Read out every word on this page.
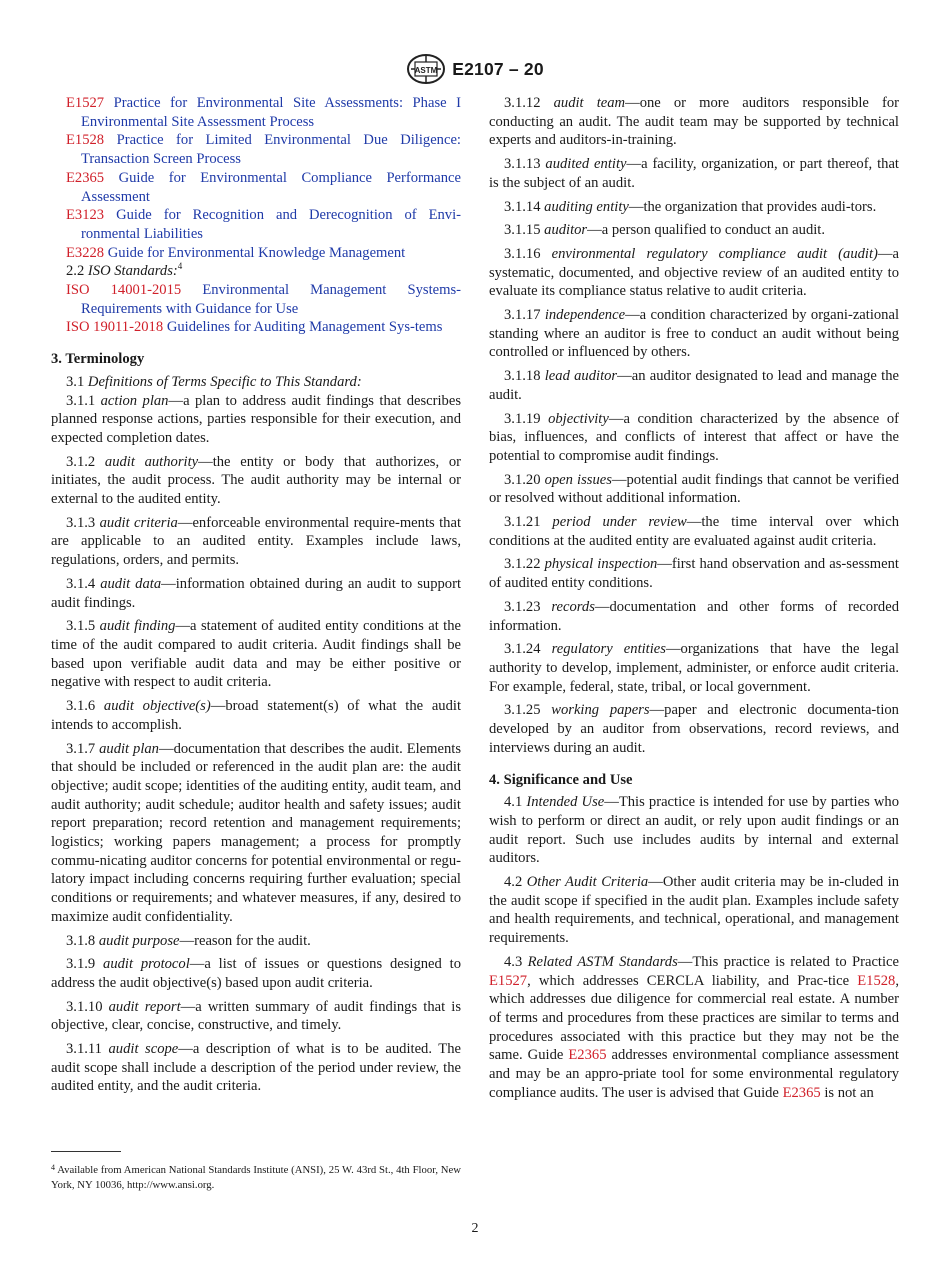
ASTM E2107 – 20

E1527 Practice for Environmental Site Assessments: Phase I Environmental Site Assessment Process

E1528 Practice for Limited Environmental Due Diligence: Transaction Screen Process

E2365 Guide for Environmental Compliance Performance Assessment

E3123 Guide for Recognition and Derecognition of Envi-ronmental Liabilities

E3228 Guide for Environmental Knowledge Management

2.2 ISO Standards:$^4$

ISO 14001-2015 Environmental Management Systems-Requirements with Guidance for Use

ISO 19011-2018 Guidelines for Auditing Management Sys-tems

3. Terminology

3.1 Definitions of Terms Specific to This Standard:

3.1.1 action plan—a plan to address audit findings that describes planned response actions, parties responsible for their execution, and expected completion dates.

3.1.2 audit authority—the entity or body that authorizes, or initiates, the audit process. The audit authority may be internal or external to the audited entity.

3.1.3 audit criteria—enforceable environmental require-ments that are applicable to an audited entity. Examples include laws, regulations, orders, and permits.

3.1.4 audit data—information obtained during an audit to support audit findings.

3.1.5 audit finding—a statement of audited entity conditions at the time of the audit compared to audit criteria. Audit findings shall be based upon verifiable audit data and may be either positive or negative with respect to audit criteria.

3.1.6 audit objective(s)—broad statement(s) of what the audit intends to accomplish.

3.1.7 audit plan—documentation that describes the audit. Elements that should be included or referenced in the audit plan are: the audit objective; audit scope; identities of the auditing entity, audit team, and audit authority; audit schedule; auditor health and safety issues; audit report preparation; record retention and management requirements; logistics; working papers management; a process for promptly commu-nicating auditor concerns for potential environmental or regu-latory impact including concerns requiring further evaluation; special conditions or requirements; and whatever measures, if any, desired to maximize audit confidentiality.

3.1.8 audit purpose—reason for the audit.

3.1.9 audit protocol—a list of issues or questions designed to address the audit objective(s) based upon audit criteria.

3.1.10 audit report—a written summary of audit findings that is objective, clear, concise, constructive, and timely.

3.1.11 audit scope—a description of what is to be audited. The audit scope shall include a description of the period under review, the audited entity, and the audit criteria.

3.1.12 audit team—one or more auditors responsible for conducting an audit. The audit team may be supported by technical experts and auditors-in-training.

3.1.13 audited entity—a facility, organization, or part thereof, that is the subject of an audit.

3.1.14 auditing entity—the organization that provides audi-tors.

3.1.15 auditor—a person qualified to conduct an audit.

3.1.16 environmental regulatory compliance audit (audit)—a systematic, documented, and objective review of an audited entity to evaluate its compliance status relative to audit criteria.

3.1.17 independence—a condition characterized by organi-zational standing where an auditor is free to conduct an audit without being controlled or influenced by others.

3.1.18 lead auditor—an auditor designated to lead and manage the audit.

3.1.19 objectivity—a condition characterized by the absence of bias, influences, and conflicts of interest that affect or have the potential to compromise audit findings.

3.1.20 open issues—potential audit findings that cannot be verified or resolved without additional information.

3.1.21 period under review—the time interval over which conditions at the audited entity are evaluated against audit criteria.

3.1.22 physical inspection—first hand observation and as-sessment of audited entity conditions.

3.1.23 records—documentation and other forms of recorded information.

3.1.24 regulatory entities—organizations that have the legal authority to develop, implement, administer, or enforce audit criteria. For example, federal, state, tribal, or local government.

3.1.25 working papers—paper and electronic documenta-tion developed by an auditor from observations, record reviews, and interviews during an audit.

4. Significance and Use

4.1 Intended Use—This practice is intended for use by parties who wish to perform or direct an audit, or rely upon audit findings or an audit report. Such use includes audits by internal and external auditors.

4.2 Other Audit Criteria—Other audit criteria may be in-cluded in the audit scope if specified in the audit plan. Examples include safety and health requirements, and technical, operational, and management requirements.

4.3 Related ASTM Standards—This practice is related to Practice E1527, which addresses CERCLA liability, and Prac-tice E1528, which addresses due diligence for commercial real estate. A number of terms and procedures from these practices are similar to terms and procedures associated with this practice but they may not be the same. Guide E2365 addresses environmental compliance assessment and may be an appro-priate tool for some environmental regulatory compliance audits. The user is advised that Guide E2365 is not an

$^4$ Available from American National Standards Institute (ANSI), 25 W. 43rd St., 4th Floor, New York, NY 10036, http://www.ansi.org.
2
